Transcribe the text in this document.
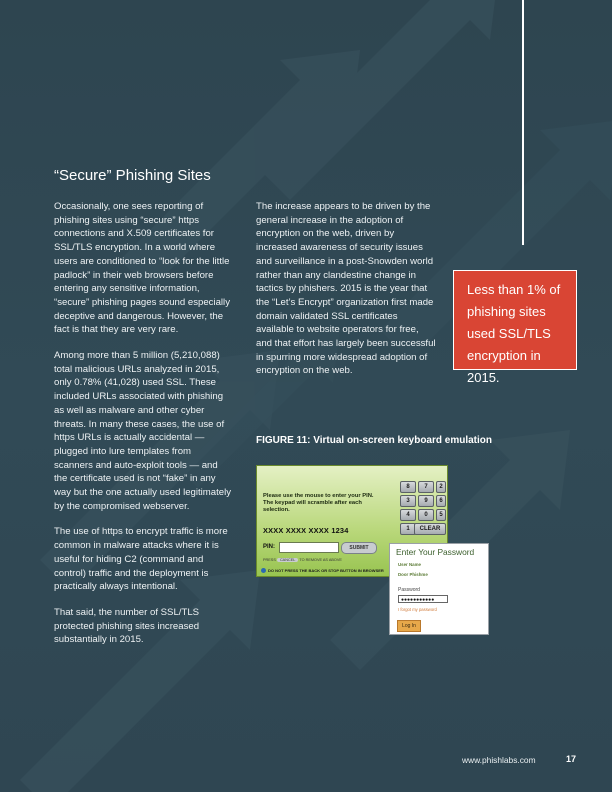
“Secure” Phishing Sites

Occasionally, one sees reporting of phishing sites using “secure” https connections and X.509 certificates for SSL/TLS encryption. In a world where users are conditioned to “look for the little padlock” in their web browsers before entering any sensitive information, “secure” phishing pages sound especially deceptive and dangerous. However, the fact is that they are very rare.

Among more than 5 million (5,210,088) total malicious URLs analyzed in 2015, only 0.78% (41,028) used SSL. These included URLs associated with phishing as well as malware and other cyber threats. In many these cases, the use of https URLs is actually accidental — plugged into lure templates from scanners and auto-exploit tools — and the certificate used is not “fake” in any way but the one actually used legitimately by the compromised webserver.

The use of https to encrypt traffic is more common in malware attacks where it is useful for hiding C2 (command and control) traffic and the deployment is practically always intentional.

That said, the number of SSL/TLS protected phishing sites increased substantially in 2015.

The increase appears to be driven by the general increase in the adoption of encryption on the web, driven by increased awareness of security issues and surveillance in a post-Snowden world rather than any clandestine change in tactics by phishers. 2015 is the year that the “Let’s Encrypt” organization first made domain validated SSL certificates available to website operators for free, and that effort has largely been successful in spurring more widespread adoption of encryption on the web.

Less than 1% of phishing sites used SSL/TLS encryption in 2015.
FIGURE 11: Virtual on-screen keyboard emulation
Please use the mouse to enter your PIN. The keypad will scramble after each selection.
XXXX XXXX XXXX 1234
PIN:	SUBMIT
PRESS CANCEL TO REMOVE AS ABOVE
DO NOT PRESS THE BACK OR STOP BUTTON IN BROWSER
8	7	2
3	9	6
4	0	5
1	CLEAR
Enter Your Password
User Name
Door Phishme
Password
●●●●●●●●●●●
I forgot my password
Log In
www.phishlabs.com	17
